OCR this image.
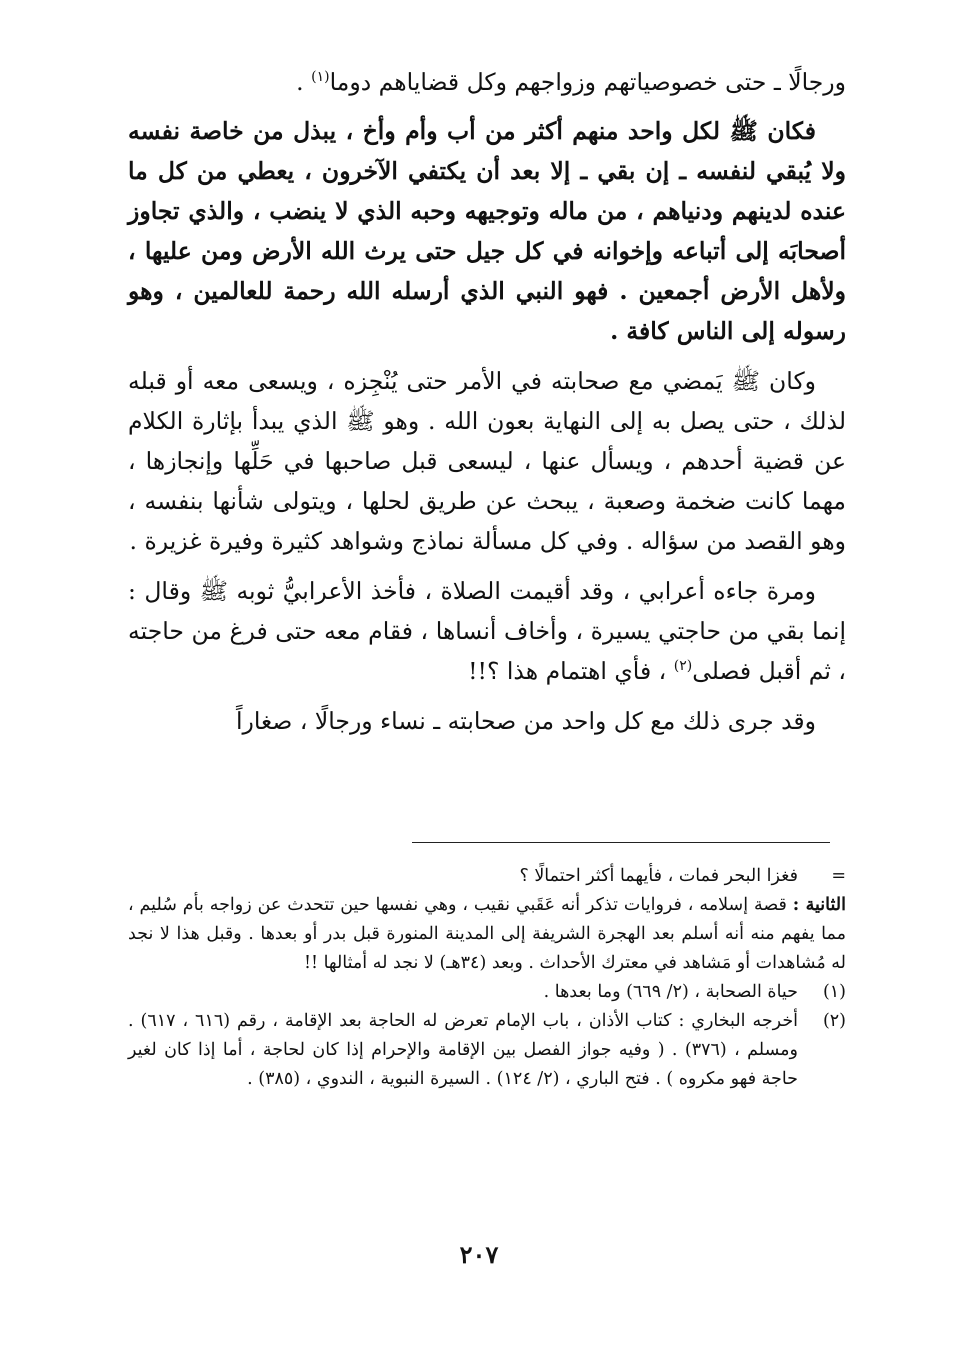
ورجالًا ـ حتى خصوصياتهم وزواجهم وكل قضاياهم دوما$^{(١)}$ .

فكان ﷺ لكل واحد منهم أكثر من أب وأم وأخ ، يبذل من خاصة نفسه ولا يُبقي لنفسه ـ إن بقي ـ إلا بعد أن يكتفي الآخرون ، يعطي من كل ما عنده لدينهم ودنياهم ، من ماله وتوجيهه وحبه الذي لا ينضب ، والذي تجاوز أصحابَه إلى أتباعه وإخوانه في كل جيل حتى يرث الله الأرض ومن عليها ، ولأهل الأرض أجمعين . فهو النبي الذي أرسله الله رحمة للعالمين ، وهو رسوله إلى الناس كافة .

وكان ﷺ يَمضي مع صحابته في الأمر حتى يُنْجِزه ، ويسعى معه أو قبله لذلك ، حتى يصل به إلى النهاية بعون الله . وهو ﷺ الذي يبدأ بإثارة الكلام عن قضية أحدهم ، ويسأل عنها ، ليسعى قبل صاحبها في حَلِّها وإنجازها ، مهما كانت ضخمة وصعبة ، يبحث عن طريق لحلها ، ويتولى شأنها بنفسه ، وهو القصد من سؤاله . وفي كل مسألة نماذج وشواهد كثيرة وفيرة غزيرة .

ومرة جاءه أعرابي ، وقد أقيمت الصلاة ، فأخذ الأعرابيُّ ثوبه ﷺ وقال : إنما بقي من حاجتي يسيرة ، وأخاف أنساها ، فقام معه حتى فرغ من حاجته ، ثم أقبل فصلى$^{(٢)}$ ، فأي اهتمام هذا ؟!!

وقد جرى ذلك مع كل واحد من صحابته ـ نساء ورجالًا ، صغاراً

=

فغزا البحر فمات ، فأيهما أكثر احتمالًا ؟

الثانية : قصة إسلامه ، فروايات تذكر أنه عَقَبي نقيب ، وهي نفسها حين تتحدث عن زواجه بأم سُليم ، مما يفهم منه أنه أسلم بعد الهجرة الشريفة إلى المدينة المنورة قبل بدر أو بعدها . وقبل هذا لا نجد له مُشاهدات أو مَشاهد في معترك الأحداث . وبعد (٣٤هـ) لا نجد له أمثالها !!

(١)
حياة الصحابة ، (٢/ ٦٦٩) وما بعدها .
(٢)
أخرجه البخاري : كتاب الأذان ، باب الإمام تعرض له الحاجة بعد الإقامة ، رقم (٦١٦ ، ٦١٧) . ومسلم ، (٣٧٦) . ( وفيه جواز الفصل بين الإقامة والإحرام إذا كان لحاجة ، أما إذا كان لغير حاجة فهو مكروه ) . فتح الباري ، (٢/ ١٢٤) . السيرة النبوية ، الندوي ، (٣٨٥) .
٢٠٧
